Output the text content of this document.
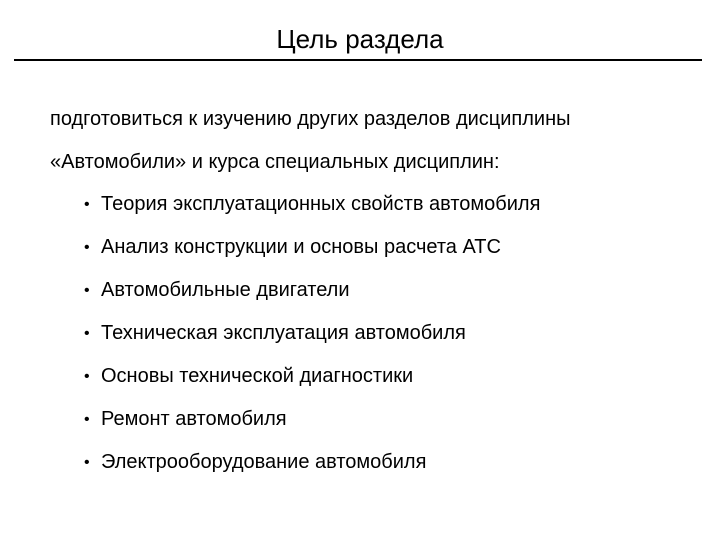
Цель раздела
подготовиться к изучению других разделов дисциплины
«Автомобили» и курса специальных дисциплин:
• Теория эксплуатационных свойств автомобиля
• Анализ конструкции и основы расчета АТС
• Автомобильные двигатели
• Техническая эксплуатация автомобиля
• Основы технической диагностики
• Ремонт автомобиля
• Электрооборудование автомобиля
